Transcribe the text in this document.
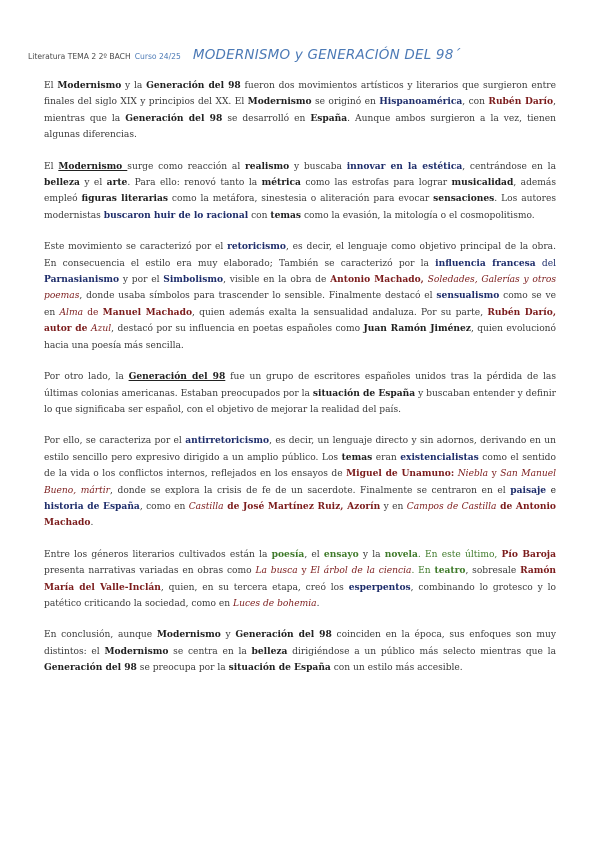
Literatura TEMA 2 2º BACH Curso 24/25 MODERNISMO y GENERACIÓN DEL 98´

El Modernismo y la Generación del 98 fueron dos movimientos artísticos y literarios que surgieron entre finales del siglo XIX y principios del XX. El Modernismo se originó en Hispanoamérica, con Rubén Darío, mientras que la Generación del 98 se desarrolló en España. Aunque ambos surgieron a la vez, tienen algunas diferencias.

El Modernismo surge como reacción al realismo y buscaba innovar en la estética, centrándose en la belleza y el arte. Para ello: renovó tanto la métrica como las estrofas para lograr musicalidad, además empleó figuras literarias como la metáfora, sinestesia o aliteración para evocar sensaciones. Los autores modernistas buscaron huir de lo racional con temas como la evasión, la mitología o el cosmopolitismo.

Este movimiento se caracterizó por el retoricismo, es decir, el lenguaje como objetivo principal de la obra. En consecuencia el estilo era muy elaborado; También se caracterizó por la influencia francesa del Parnasianismo y por el Simbolismo, visible en la obra de Antonio Machado, Soledades, Galerías y otros poemas, donde usaba símbolos para trascender lo sensible. Finalmente destacó el sensualismo como se ve en Alma de Manuel Machado, quien además exalta la sensualidad andaluza. Por su parte, Rubén Darío, autor de Azul, destacó por su influencia en poetas españoles como Juan Ramón Jiménez, quien evolucionó hacia una poesía más sencilla.

Por otro lado, la Generación del 98 fue un grupo de escritores españoles unidos tras la pérdida de las últimas colonias americanas. Estaban preocupados por la situación de España y buscaban entender y definir lo que significaba ser español, con el objetivo de mejorar la realidad del país.

Por ello, se caracteriza por el antirretoricismo, es decir, un lenguaje directo y sin adornos, derivando en un estilo sencillo pero expresivo dirigido a un amplio público. Los temas eran existencialistas como el sentido de la vida o los conflictos internos, reflejados en los ensayos de Miguel de Unamuno: Niebla y San Manuel Bueno, mártir, donde se explora la crisis de fe de un sacerdote. Finalmente se centraron en el paisaje e historia de España, como en Castilla de José Martínez Ruiz, Azorín y en Campos de Castilla de Antonio Machado.

Entre los géneros literarios cultivados están la poesía, el ensayo y la novela. En este último, Pío Baroja presenta narrativas variadas en obras como La busca y El árbol de la ciencia. En teatro, sobresale Ramón María del Valle-Inclán, quien, en su tercera etapa, creó los esperpentos, combinando lo grotesco y lo patético criticando la sociedad, como en Luces de bohemia.

En conclusión, aunque Modernismo y Generación del 98 coinciden en la época, sus enfoques son muy distintos: el Modernismo se centra en la belleza dirigiéndose a un público más selecto mientras que la Generación del 98 se preocupa por la situación de España con un estilo más accesible.
